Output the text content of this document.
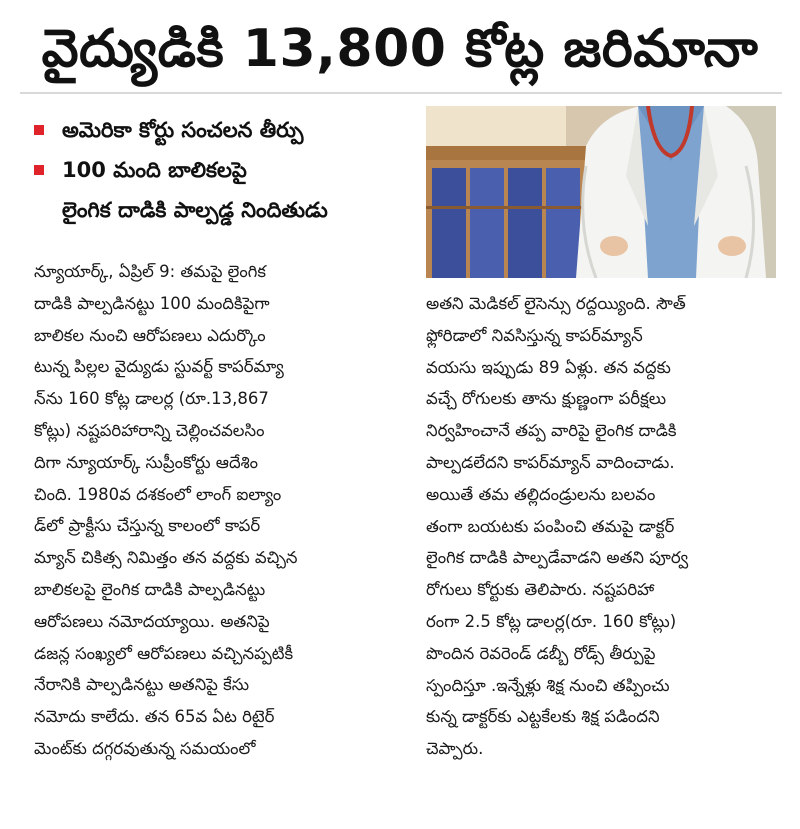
వైద్యుడికి 13,800 కోట్ల జరిమానా
అమెరికా కోర్టు సంచలన తీర్పు
100 మంది బాలికలపై
లైంగిక దాడికి పాల్పడ్డ నిందితుడు
న్యూయార్క్‌, ఏప్రిల్‌ 9: తమపై లైంగిక
దాడికి పాల్పడినట్టు 100 మందికిపైగా
బాలికల నుంచి ఆరోపణలు ఎదుర్కొం
టున్న పిల్లల వైద్యుడు స్టువర్ట్‌ కాపర్‌మ్యా
న్‌ను 160 కోట్ల డాలర్ల (రూ.13,867
కోట్లు) నష్టపరిహారాన్ని చెల్లించవలసిం
దిగా న్యూయార్క్‌ సుప్రీంకోర్టు ఆదేశిం
చింది. 1980వ దశకంలో లాంగ్‌ ఐల్యాం
డ్‌లో ప్రాక్టీసు చేస్తున్న కాలంలో కాపర్‌
మ్యాన్‌ చికిత్స నిమిత్తం తన వద్దకు వచ్చిన
బాలికలపై లైంగిక దాడికి పాల్పడినట్టు
ఆరోపణలు నమోదయ్యాయి. అతనిపై
డజన్ల సంఖ్యలో ఆరోపణలు వచ్చినప్పటికీ
నేరానికి పాల్పడినట్టు అతనిపై కేసు
నమోదు కాలేదు. తన 65వ ఏట రిటైర్‌
మెంట్‌కు దగ్గరవుతున్న సమయంలో
అతని మెడికల్‌ లైసెన్సు రద్దయ్యింది. సౌత్‌
ఫ్లోరిడాలో నివసిస్తున్న కాపర్‌మ్యాన్‌
వయసు ఇప్పుడు 89 ఏళ్లు. తన వద్దకు
వచ్చే రోగులకు తాను క్షుణ్ణంగా పరీక్షలు
నిర్వహించానే తప్ప వారిపై లైంగిక దాడికి
పాల్పడలేదని కాపర్‌మ్యాన్‌ వాదించాడు.
అయితే తమ తల్లిదండ్రులను బలవం
తంగా బయటకు పంపించి తమపై డాక్టర్‌
లైంగిక దాడికి పాల్పడేవాడని అతని పూర్వ
రోగులు కోర్టుకు తెలిపారు. నష్టపరిహా
రంగా 2.5 కోట్ల డాలర్ల(రూ. 160 కోట్లు)
పొందిన రెవరెండ్‌ డబ్బీ రోడ్స్‌ తీర్పుపై
స్పందిస్తూ .ఇన్నేళ్లు శిక్ష నుంచి తప్పించు
కున్న డాక్టర్‌కు ఎట్టకేలకు శిక్ష పడిందని
చెప్పారు.
